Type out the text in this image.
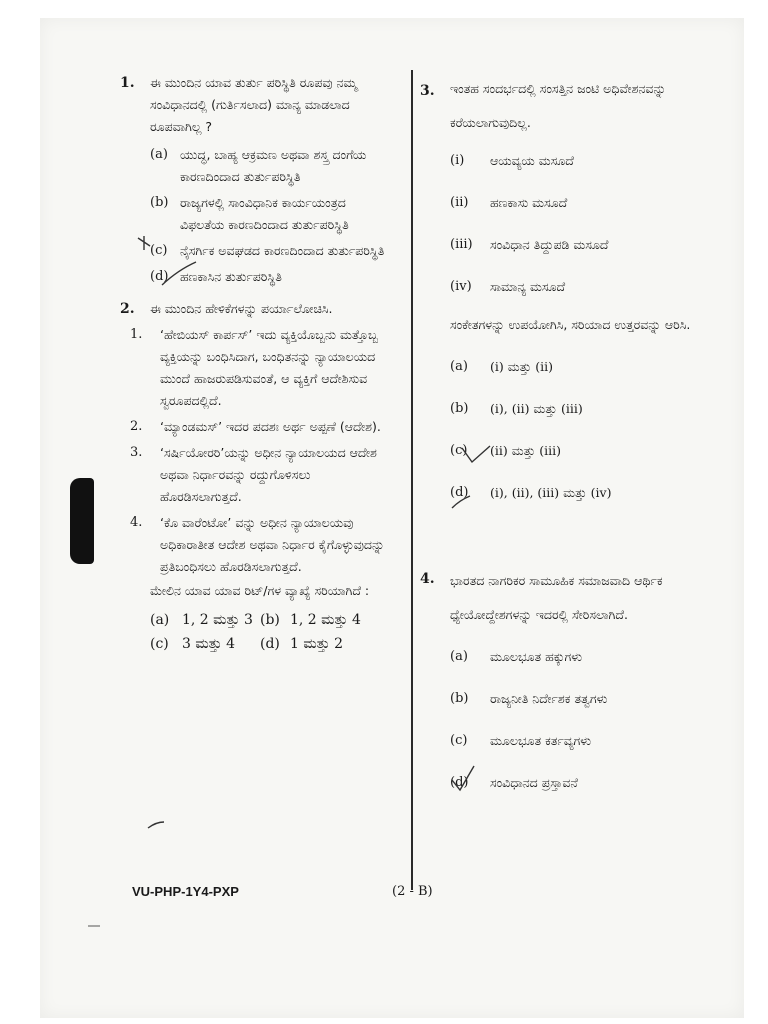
1. ಈ ಮುಂದಿನ ಯಾವ ತುರ್ತು ಪರಿಸ್ಥಿತಿ ರೂಪವು ನಮ್ಮ ಸಂವಿಧಾನದಲ್ಲಿ (ಗುರ್ತಿಸಲಾದ) ಮಾನ್ಯ ಮಾಡಲಾದ ರೂಪವಾಗಿಲ್ಲ ?
(a) ಯುದ್ಧ, ಬಾಹ್ಯ ಆಕ್ರಮಣ ಅಥವಾ ಶಸ್ತ್ರ ದಂಗೆಯ ಕಾರಣದಿಂದಾದ ತುರ್ತುಪರಿಸ್ಥಿತಿ
(b) ರಾಜ್ಯಗಳಲ್ಲಿ ಸಾಂವಿಧಾನಿಕ ಕಾರ್ಯಯಂತ್ರದ ವಿಫಲತೆಯ ಕಾರಣದಿಂದಾದ ತುರ್ತುಪರಿಸ್ಥಿತಿ
(c) ನೈಸರ್ಗಿಕ ಅವಘಡದ ಕಾರಣದಿಂದಾದ ತುರ್ತುಪರಿಸ್ಥಿತಿ
(d) ಹಣಕಾಸಿನ ತುರ್ತುಪರಿಸ್ಥಿತಿ
2. ಈ ಮುಂದಿನ ಹೇಳಿಕೆಗಳನ್ನು ಪರ್ಯಾಲೋಚಿಸಿ.
1. ‘ಹೇಬಿಯಸ್ ಕಾರ್ಪಸ್’ ಇದು ವ್ಯಕ್ತಿಯೊಬ್ಬನು ಮತ್ತೊಬ್ಬ ವ್ಯಕ್ತಿಯನ್ನು ಬಂಧಿಸಿದಾಗ, ಬಂಧಿತನನ್ನು ನ್ಯಾಯಾಲಯದ ಮುಂದೆ ಹಾಜರುಪಡಿಸುವಂತೆ, ಆ ವ್ಯಕ್ತಿಗೆ ಆದೇಶಿಸುವ ಸ್ವರೂಪದಲ್ಲಿದೆ.
2. ‘ಮ್ಯಾಂಡಮಸ್’ ಇದರ ಪದಶಃ ಅರ್ಥ ಅಪ್ಪಣೆ (ಆದೇಶ).
3. ‘ಸರ್ಷಿಯೋರರಿ’ಯನ್ನು ಅಧೀನ ನ್ಯಾಯಾಲಯದ ಆದೇಶ ಅಥವಾ ನಿರ್ಧಾರವನ್ನು ರದ್ದುಗೊಳಿಸಲು ಹೊರಡಿಸಲಾಗುತ್ತದೆ.
4. ‘ಕೊ ವಾರೆಂಟೋ’ ವನ್ನು ಅಧೀನ ನ್ಯಾಯಾಲಯವು ಅಧಿಕಾರಾತೀತ ಆದೇಶ ಅಥವಾ ನಿರ್ಧಾರ ಕೈಗೊಳ್ಳುವುದನ್ನು ಪ್ರತಿಬಂಧಿಸಲು ಹೊರಡಿಸಲಾಗುತ್ತದೆ.
ಮೇಲಿನ ಯಾವ ಯಾವ ರಿಟ್/ಗಳ ವ್ಯಾಖ್ಯೆ ಸರಿಯಾಗಿದೆ :
(a) 1, 2 ಮತ್ತು 3 (b) 1, 2 ಮತ್ತು 4
(c) 3 ಮತ್ತು 4 (d) 1 ಮತ್ತು 2
3. ಇಂತಹ ಸಂದರ್ಭದಲ್ಲಿ ಸಂಸತ್ತಿನ ಜಂಟಿ ಅಧಿವೇಶನವನ್ನು ಕರೆಯಲಾಗುವುದಿಲ್ಲ.
(i) ಆಯವ್ಯಯ ಮಸೂದೆ
(ii) ಹಣಕಾಸು ಮಸೂದೆ
(iii) ಸಂವಿಧಾನ ತಿದ್ದುಪಡಿ ಮಸೂದೆ
(iv) ಸಾಮಾನ್ಯ ಮಸೂದೆ
ಸಂಕೇತಗಳನ್ನು ಉಪಯೋಗಿಸಿ, ಸರಿಯಾದ ಉತ್ತರವನ್ನು ಆರಿಸಿ.
(a) (i) ಮತ್ತು (ii)
(b) (i), (ii) ಮತ್ತು (iii)
(c) (ii) ಮತ್ತು (iii)
(d) (i), (ii), (iii) ಮತ್ತು (iv)
4. ಭಾರತದ ನಾಗರಿಕರ ಸಾಮೂಹಿಕ ಸಮಾಜವಾದಿ ಆರ್ಥಿಕ ಧ್ಯೇಯೋದ್ದೇಶಗಳನ್ನು ಇದರಲ್ಲಿ ಸೇರಿಸಲಾಗಿದೆ.
(a) ಮೂಲಭೂತ ಹಕ್ಕುಗಳು
(b) ರಾಜ್ಯನೀತಿ ನಿರ್ದೇಶಕ ತತ್ವಗಳು
(c) ಮೂಲಭೂತ ಕರ್ತವ್ಯಗಳು
(d) ಸಂವಿಧಾನದ ಪ್ರಸ್ತಾವನೆ
VU-PHP-1Y4-PXP	(2 - B)
